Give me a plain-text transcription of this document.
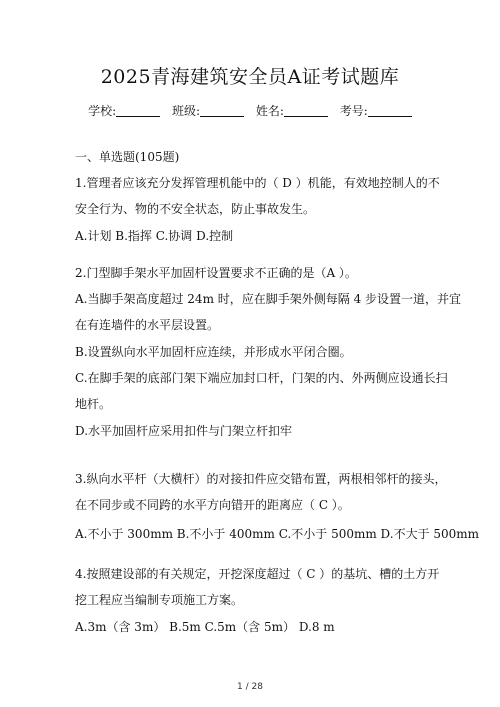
2025青海建筑安全员A证考试题库
学校:	班级:	姓名:	考号:
一、单选题(105题)
1.管理者应该充分发挥管理机能中的（ D ）机能，有效地控制人的不
安全行为、物的不安全状态，防止事故发生。
A.计划 B.指挥 C.协调 D.控制
2.门型脚手架水平加固杆设置要求不正确的是（A ）。
A.当脚手架高度超过 24m 时，应在脚手架外侧每隔 4 步设置一道，并宜
在有连墙件的水平层设置。
B.设置纵向水平加固杆应连续，并形成水平闭合圈。
C.在脚手架的底部门架下端应加封口杆，门架的内、外两侧应设通长扫
地杆。
D.水平加固杆应采用扣件与门架立杆扣牢
3.纵向水平杆（大横杆）的对接扣件应交错布置，两根相邻杆的接头，
在不同步或不同跨的水平方向错开的距离应（ C ）。
A.不小于 300mm B.不小于 400mm C.不小于 500mm D.不大于 500mm
4.按照建设部的有关规定，开挖深度超过（ C ）的基坑、槽的土方开
挖工程应当编制专项施工方案。
A.3m（含 3m） B.5m C.5m（含 5m） D.8 m
1 / 28
